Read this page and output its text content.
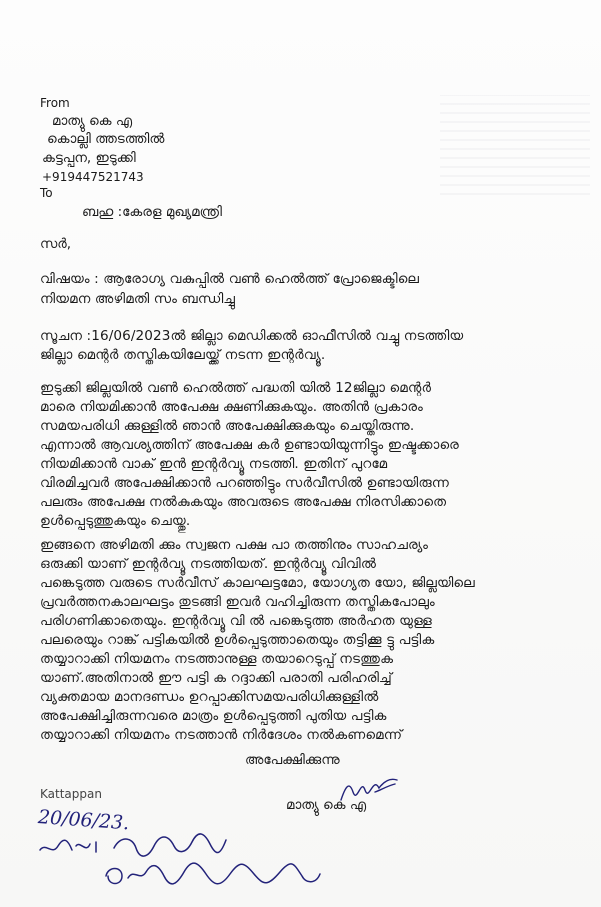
From
മാത്യു കെ എ
കൊല്ലി ത്തടത്തിൽ
കട്ടപ്പന, ഇടുക്കി
+919447521743
To
ബഹു :കേരള മുഖ്യമന്ത്രി
സർ,
വിഷയം : ആരോഗ്യ വകുപ്പിൽ വൺ ഹെൽത്ത് പ്രോജെക്ടിലെ
നിയമന അഴിമതി സം ബന്ധിച്ചു
സൂചന :16/06/2023ൽ ജില്ലാ മെഡിക്കൽ ഓഫീസിൽ വച്ചു നടത്തിയ
ജില്ലാ മെന്റർ തസ്തികയിലേയ്ക്ക് നടന്ന ഇന്റർവ്യൂ.
ഇടുക്കി ജില്ലയിൽ വൺ ഹെൽത്ത് പദ്ധതി യിൽ 12ജില്ലാ മെന്റർ
മാരെ നിയമിക്കാൻ അപേക്ഷ ക്ഷണിക്കുകയും. അതിൻ പ്രകാരം
സമയപരിധി ക്കുള്ളിൽ ഞാൻ അപേക്ഷിക്കുകയും ചെയ്തിരുന്നു.
എന്നാൽ ആവശ്യത്തിന് അപേക്ഷ കർ ഉണ്ടായിയുന്നിട്ടും ഇഷ്ടക്കാരെ
നിയമിക്കാൻ വാക് ഇൻ ഇന്റർവ്യൂ നടത്തി. ഇതിന് പുറമേ
വിരമിച്ചവർ അപേക്ഷിക്കാൻ പറഞ്ഞിട്ടും സർവീസിൽ ഉണ്ടായിരുന്ന
പലരും അപേക്ഷ നൽകുകയും അവരുടെ അപേക്ഷ നിരസിക്കാതെ
ഉൾപ്പെടുത്തുകയും ചെയ്തു.
ഇങ്ങനെ അഴിമതി ക്കും സ്വജന പക്ഷ പാ തത്തിനും സാഹചര്യം
ഒരുക്കി യാണ് ഇന്റർവ്യൂ നടത്തിയത്. ഇന്റർവ്യൂ വിവിൽ
പങ്കെടുത്ത വരുടെ സർവീസ് കാലഘട്ടമോ, യോഗ്യത യോ, ജില്ലയിലെ
പ്രവർത്തനകാലഘട്ടം തുടങ്ങി ഇവർ വഹിച്ചിരുന്ന തസ്തികപോലും
പരിഗണിക്കാതെയും. ഇന്റർവ്യൂ വി ൽ പങ്കെടുത്ത അർഹത യുള്ള
പലരെയും റാങ്ക് പട്ടികയിൽ ഉൾപ്പെടുത്താതെയും തട്ടിക്കൂ ട്ടു പട്ടിക
തയ്യാറാക്കി നിയമനം നടത്താനുള്ള തയാറെടുപ്പ് നടത്തുക
യാണ്.അതിനാൽ ഈ പട്ടി ക റദ്ദാക്കി പരാതി പരിഹരിച്ച്
വ്യക്തമായ മാനദണ്ഡം ഉറപ്പാക്കിസമയപരിധിക്കുള്ളിൽ
അപേക്ഷിച്ചിരുന്നവരെ മാത്രം ഉൾപ്പെടുത്തി പുതിയ പട്ടിക
തയ്യാറാക്കി നിയമനം നടത്താൻ നിർദേശം നൽകണമെന്ന്
അപേക്ഷിക്കുന്നു
Kattappan
മാത്യു കെ എ
20/06/23.
